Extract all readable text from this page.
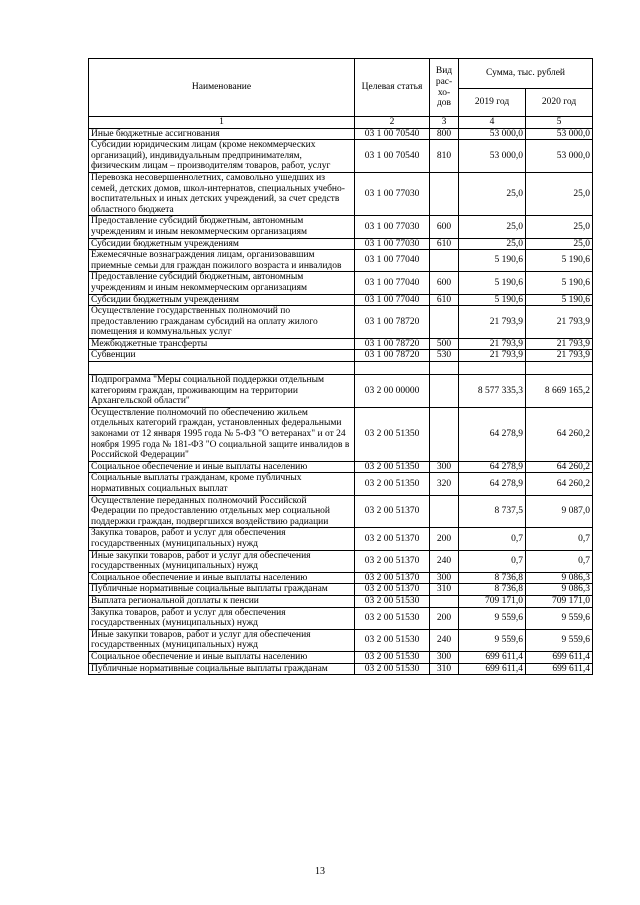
Наименование	Целевая статья	Вид рас-хо-дов	Сумма, тыс. рублей	
			2019 год	2020 год
1	2	3	4	5
Иные бюджетные ассигнования	03 1 00 70540	800	53 000,0	53 000,0
Субсидии юридическим лицам (кроме некоммерческих организаций), индивидуальным предпринимателям, физическим лицам – производителям товаров, работ, услуг	03 1 00 70540	810	53 000,0	53 000,0
Перевозка несовершеннолетних, самовольно ушедших из семей, детских домов, школ-интернатов, специальных учебно-воспитательных и иных детских учреждений, за счет средств областного бюджета	03 1 00 77030		25,0	25,0
Предоставление субсидий бюджетным, автономным учреждениям и иным некоммерческим организациям	03 1 00 77030	600	25,0	25,0
Субсидии бюджетным учреждениям	03 1 00 77030	610	25,0	25,0
Ежемесячные вознаграждения лицам, организовавшим приемные семьи для граждан пожилого возраста и инвалидов	03 1 00 77040		5 190,6	5 190,6
Предоставление субсидий бюджетным, автономным учреждениям и иным некоммерческим организациям	03 1 00 77040	600	5 190,6	5 190,6
Субсидии бюджетным учреждениям	03 1 00 77040	610	5 190,6	5 190,6
Осуществление государственных полномочий по предоставлению гражданам субсидий на оплату жилого помещения и коммунальных услуг	03 1 00 78720		21 793,9	21 793,9
Межбюджетные трансферты	03 1 00 78720	500	21 793,9	21 793,9
Субвенции	03 1 00 78720	530	21 793,9	21 793,9

Подпрограмма "Меры социальной поддержки отдельным категориям граждан, проживающим на территории Архангельской области"	03 2 00 00000		8 577 335,3	8 669 165,2
Осуществление полномочий по обеспечению жильем отдельных категорий граждан, установленных федеральными законами от 12 января 1995 года № 5-ФЗ "О ветеранах" и от 24 ноября 1995 года № 181-ФЗ "О социальной защите инвалидов в Российской Федерации"	03 2 00 51350		64 278,9	64 260,2
Социальное обеспечение и иные выплаты населению	03 2 00 51350	300	64 278,9	64 260,2
Социальные выплаты гражданам, кроме публичных нормативных социальных выплат	03 2 00 51350	320	64 278,9	64 260,2
Осуществление переданных полномочий Российской Федерации по предоставлению отдельных мер социальной поддержки граждан, подвергшихся воздействию радиации	03 2 00 51370		8 737,5	9 087,0
Закупка товаров, работ и услуг для обеспечения государственных (муниципальных) нужд	03 2 00 51370	200	0,7	0,7
Иные закупки товаров, работ и услуг для обеспечения государственных (муниципальных) нужд	03 2 00 51370	240	0,7	0,7
Социальное обеспечение и иные выплаты населению	03 2 00 51370	300	8 736,8	9 086,3
Публичные нормативные социальные выплаты гражданам	03 2 00 51370	310	8 736,8	9 086,3
Выплата региональной доплаты к пенсии	03 2 00 51530		709 171,0	709 171,0
Закупка товаров, работ и услуг для обеспечения государственных (муниципальных) нужд	03 2 00 51530	200	9 559,6	9 559,6
Иные закупки товаров, работ и услуг для обеспечения государственных (муниципальных) нужд	03 2 00 51530	240	9 559,6	9 559,6
Социальное обеспечение и иные выплаты населению	03 2 00 51530	300	699 611,4	699 611,4
Публичные нормативные социальные выплаты гражданам	03 2 00 51530	310	699 611,4	699 611,4
13
